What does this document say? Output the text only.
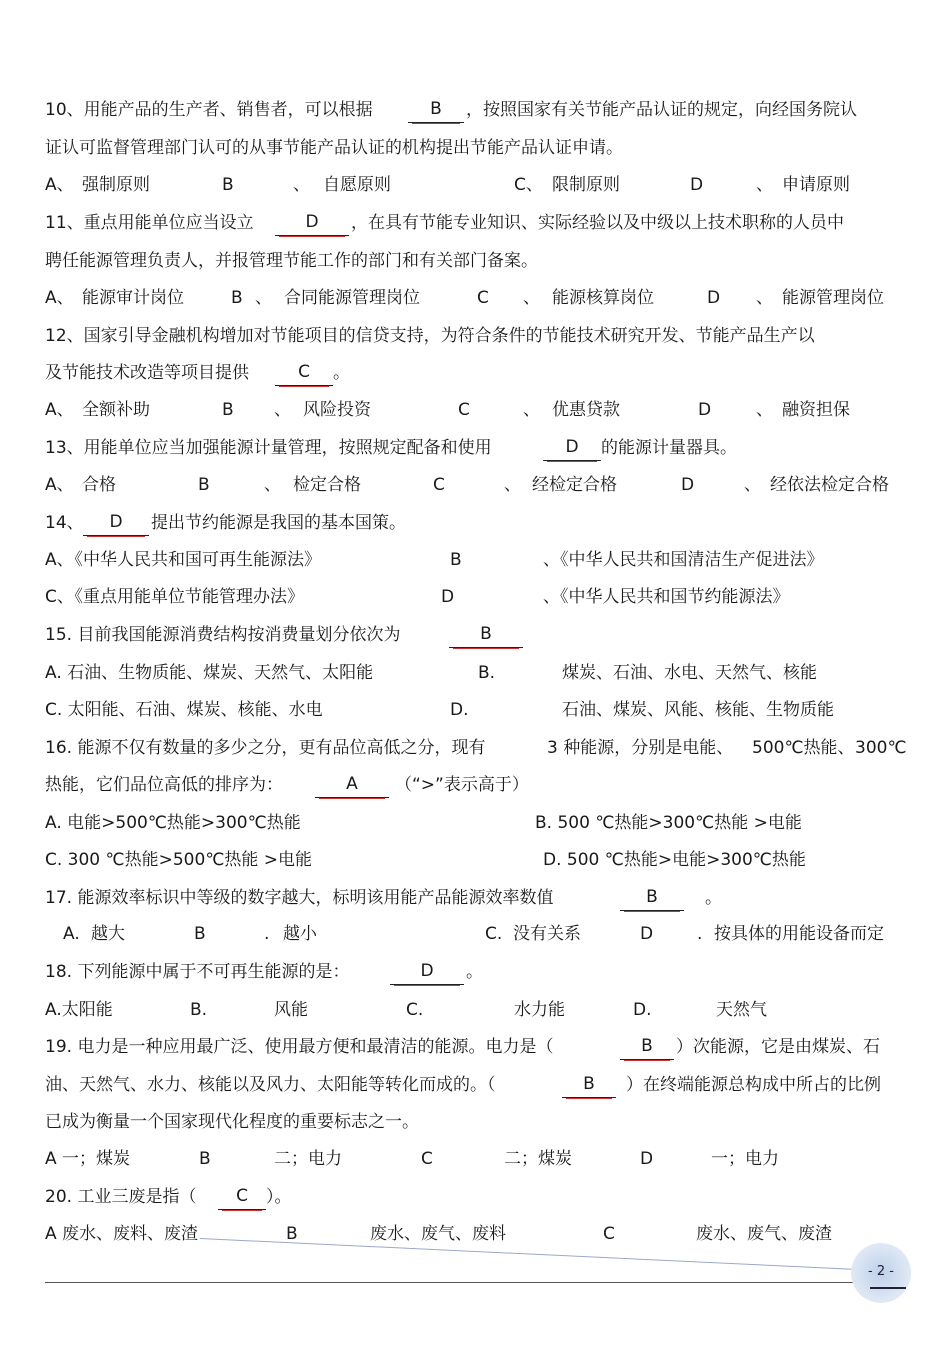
10、用能产品的生产者、销售者，可以根据	B	，按照国家有关节能产品认证的规定，向经国务院认
证认可监督管理部门认可的从事节能产品认证的机构提出节能产品认证申请。
A、 强制原则	B	、 自愿原则	C、 限制原则	D	、 申请原则
11、重点用能单位应当设立	D	，在具有节能专业知识、实际经验以及中级以上技术职称的人员中
聘任能源管理负责人，并报管理节能工作的部门和有关部门备案。
A、 能源审计岗位	B 、 合同能源管理岗位	C 、 能源核算岗位	D 、 能源管理岗位
12、国家引导金融机构增加对节能项目的信贷支持，为符合条件的节能技术研究开发、节能产品生产以
及节能技术改造等项目提供	C	。
A、 全额补助	B 、 风险投资	C	、 优惠贷款	D	、 融资担保
13、用能单位应当加强能源计量管理，按照规定配备和使用	D	的能源计量器具。
A、 合格	B	、 检定合格	C	、 经检定合格	D	、 经依法检定合格
14、	D	提出节约能源是我国的基本国策。
A、
《中华人民共和国可再生能源法》	B	、《中华人民共和国清洁生产促进法》
C、
《重点用能单位节能管理办法》	D	、《中华人民共和国节约能源法》
15. 目前我国能源消费结构按消费量划分依次为	B
A. 石油、生物质能、煤炭、天然气、太阳能	B.	煤炭、石油、水电、天然气、核能
C. 太阳能、石油、煤炭、核能、水电	D.	石油、煤炭、风能、核能、生物质能
16. 能源不仅有数量的多少之分，更有品位高低之分，现有	3 种能源，分别是电能、 500℃热能、 300℃
热能，它们品位高低的排序为：	A	（“>”表示高于）
A. 电能>500℃热能>300℃热能	B. 500 ℃热能>300℃热能 >电能
C. 300 ℃热能>500℃热能 >电能	D. 500 ℃热能>电能>300℃热能
17. 能源效率标识中等级的数字越大，标明该用能产品能源效率数值	B	。
A. 越大	B	. 越小	C. 没有关系	D	. 按具体的用能设备而定
18. 下列能源中属于不可再生能源的是：	D	。
A.太阳能	B.	风能	C.	水力能	D.	天然气
19. 电力是一种应用最广泛、使用最方便和最清洁的能源。电力是（	B	）次能源，它是由煤炭、石
油、天然气、水力、核能以及风力、太阳能等转化而成的。（	B	）在终端能源总构成中所占的比例
已成为衡量一个国家现代化程度的重要标志之一。
A 一；煤炭	B	二；电力	C	二；煤炭	D	一；电力
20. 工业三废是指（	C	）。
A 废水、废料、废渣	B	废水、废气、废料	C	废水、废气、废渣
- 2 -
